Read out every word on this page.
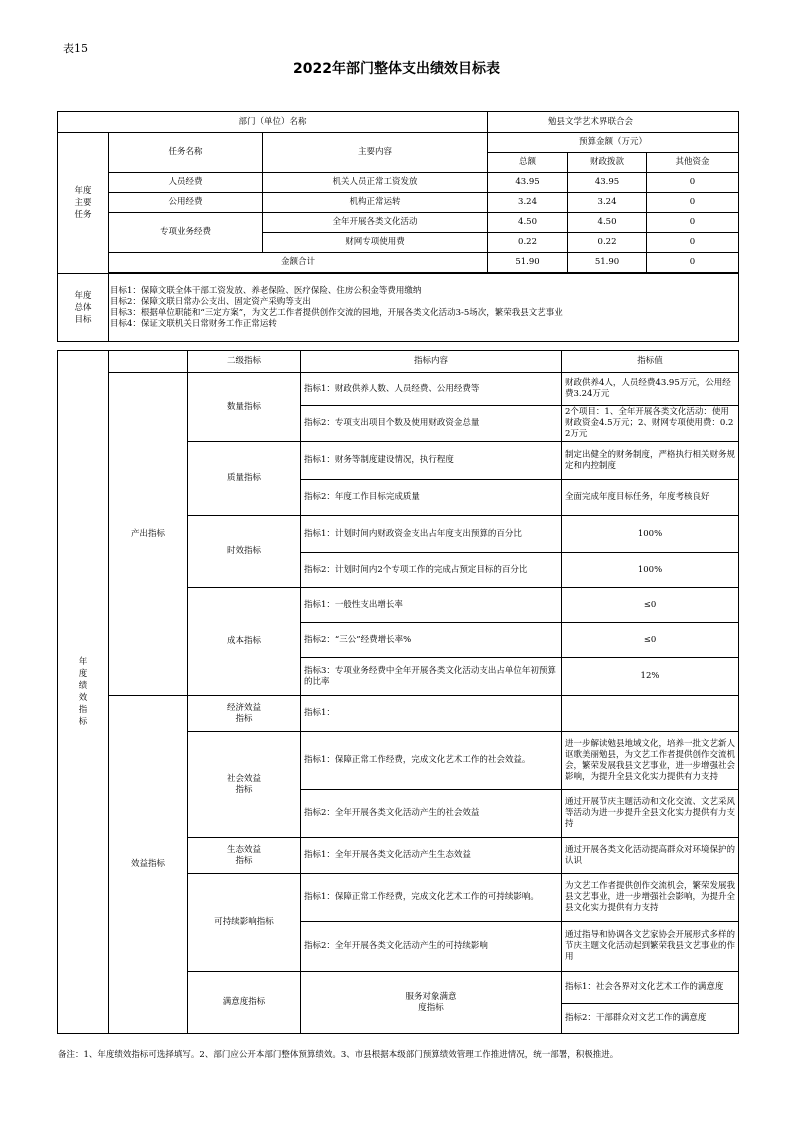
表15
2022年部门整体支出绩效目标表
部门（单位）名称			勉县文学艺术界联合会		
年度主要任务	任务名称	主要内容	预算金额（万元）		
			总额	财政拨款	其他资金
	人员经费	机关人员正常工资发放	43.95	43.95	0
	公用经费	机构正常运转	3.24	3.24	0
	专项业务经费	全年开展各类文化活动	4.50	4.50	0
		财网专项使用费	0.22	0.22	0
	金额合计		51.90	51.90	0

年度总体目标	目标1：保障文联全体干部工资发放、养老保险、医疗保险、住房公积金等费用缴纳
目标2：保障文联日常办公支出、固定资产采购等支出
目标3：根据单位职能和“三定方案”，为文艺工作者提供创作交流的园地，开展各类文化活动3-5场次，繁荣我县文艺事业
目标4：保证文联机关日常财务工作正常运转				
年度绩效指标		二级指标	指标内容	指标值	
	产出指标	数量指标	指标1：财政供养人数、人员经费、公用经费等	财政供养4人，人员经费43.95万元，公用经费3.24万元	
			指标2：专项支出项目个数及使用财政资金总量	2个项目：1、全年开展各类文化活动：使用财政资金4.5万元；2、财网专项使用费：0.22万元	
		质量指标	指标1：财务等制度建设情况，执行程度	制定出健全的财务制度，严格执行相关财务规定和内控制度	
			指标2：年度工作目标完成质量	全面完成年度目标任务，年度考核良好	
		时效指标	指标1：计划时间内财政资金支出占年度支出预算的百分比	100%	
			指标2：计划时间内2个专项工作的完成占预定目标的百分比	100%	
		成本指标	指标1：一般性支出增长率	≤0	
			指标2：“三公”经费增长率%	≤0	
			指标3：专项业务经费中全年开展各类文化活动支出占单位年初预算的比率	12%	
	效益指标	经济效益指标	指标1：		
		社会效益指标	指标1：保障正常工作经费，完成文化艺术工作的社会效益。	进一步解读勉县地域文化，培养一批文艺新人讴歌美丽勉县，为文艺工作者提供创作交流机会，繁荣发展我县文艺事业，进一步增强社会影响，为提升全县文化实力提供有力支持	
			指标2：全年开展各类文化活动产生的社会效益	通过开展节庆主题活动和文化交流、文艺采风等活动为进一步提升全县文化实力提供有力支持	
		生态效益指标	指标1：全年开展各类文化活动产生生态效益	通过开展各类文化活动提高群众对环境保护的认识	
		可持续影响指标	指标1：保障正常工作经费，完成文化艺术工作的可持续影响。	为文艺工作者提供创作交流机会，繁荣发展我县文艺事业，进一步增强社会影响，为提升全县文化实力提供有力支持	
			指标2：全年开展各类文化活动产生的可持续影响	通过指导和协调各文艺家协会开展形式多样的节庆主题文化活动起到繁荣我县文艺事业的作用	
		满意度指标	服务对象满意度指标	指标1：社会各界对文化艺术工作的满意度	
				指标2：干部群众对文艺工作的满意度	
备注：1、年度绩效指标可选择填写。2、部门应公开本部门整体预算绩效。3、市县根据本级部门预算绩效管理工作推进情况，统一部署，积极推进。
